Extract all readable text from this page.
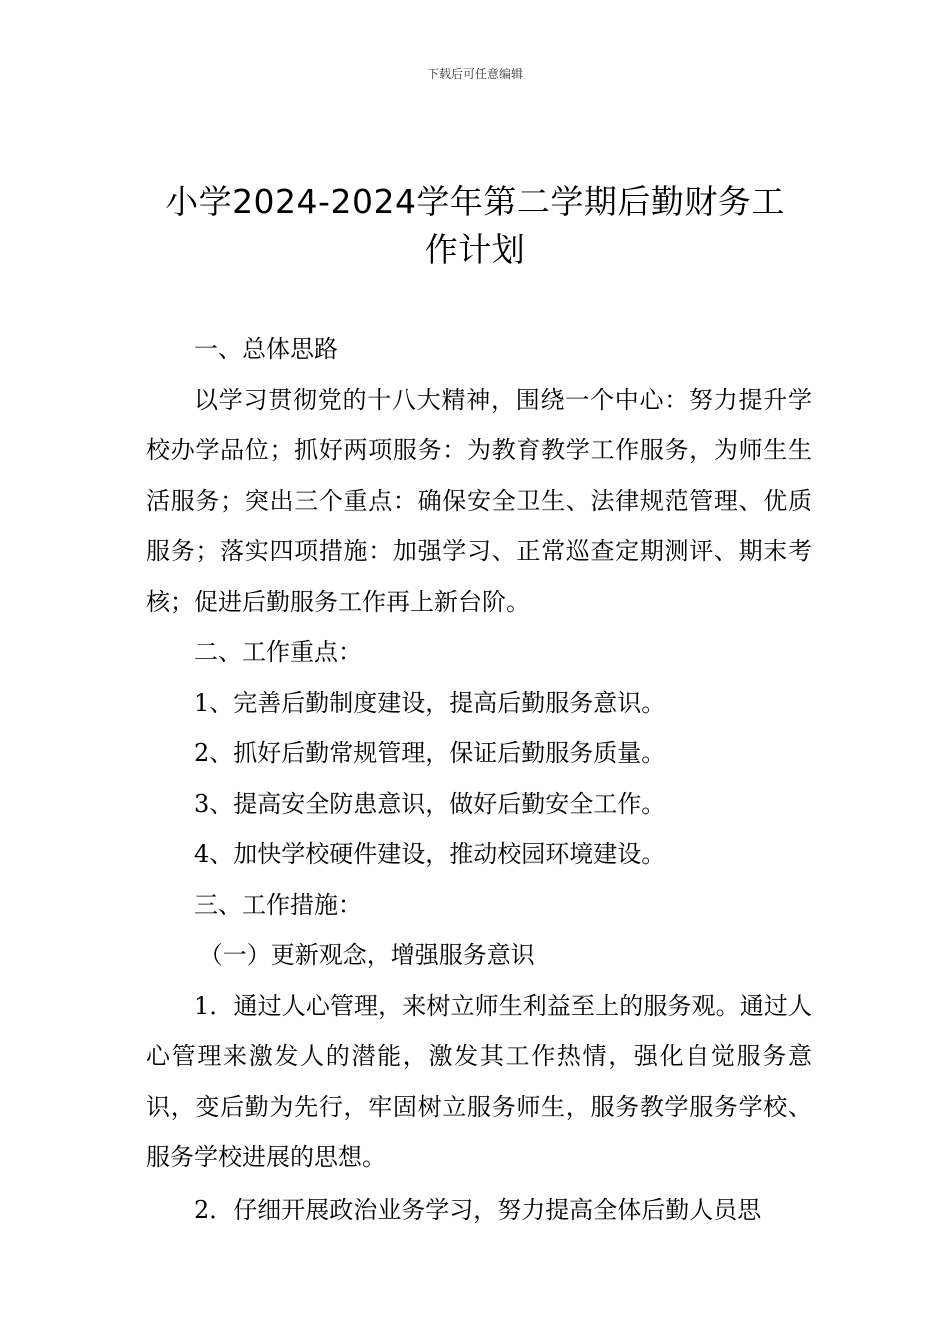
下载后可任意编辑
小学2024-2024学年第二学期后勤财务工作计划

一、总体思路

以学习贯彻党的十八大精神，围绕一个中心：努力提升学校办学品位；抓好两项服务：为教育教学工作服务，为师生生活服务；突出三个重点：确保安全卫生、法律规范管理、优质服务；落实四项措施：加强学习、正常巡查定期测评、期末考核；促进后勤服务工作再上新台阶。

二、工作重点：

1、完善后勤制度建设，提高后勤服务意识。

2、抓好后勤常规管理，保证后勤服务质量。

3、提高安全防患意识，做好后勤安全工作。

4、加快学校硬件建设，推动校园环境建设。

三、工作措施：

（一）更新观念，增强服务意识

1．通过人心管理，来树立师生利益至上的服务观。通过人心管理来激发人的潜能，激发其工作热情，强化自觉服务意识，变后勤为先行，牢固树立服务师生，服务教学服务学校、服务学校进展的思想。

2．仔细开展政治业务学习，努力提高全体后勤人员思
